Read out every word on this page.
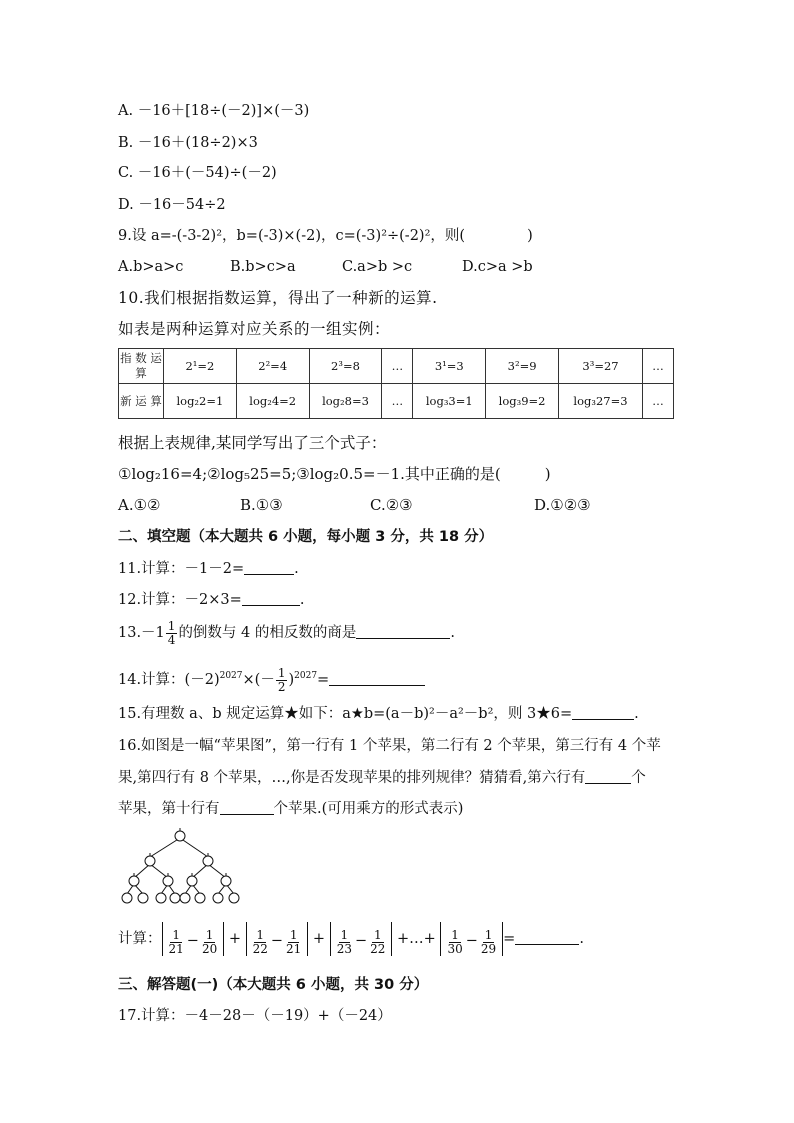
A. －16＋[18÷(－2)]×(－3)
B. －16＋(18÷2)×3
C. －16＋(－54)÷(－2)
D. －16－54÷2
9.设 a=-(-3-2)²，b=(-3)×(-2)，c=(-3)²÷(-2)²，则(	)
A.b>a>c	B.b>c>a	C.a>b >c	D.c>a >b
10.我们根据指数运算，得出了一种新的运算.
如表是两种运算对应关系的一组实例：
指 数 运 算	2¹=2	2²=4	2³=8	…	3¹=3	3²=9	3³=27	…
新 运 算	log₂2=1	log₂4=2	log₂8=3	…	log₃3=1	log₃9=2	log₃27=3	…
根据上表规律,某同学写出了三个式子：
①log₂16=4;②log₅25=5;③log₂0.5=－1.其中正确的是(	)
A.①②	B.①③	C.②③	D.①②③
二、填空题（本大题共 6 小题，每小题 3 分，共 18 分）
11.计算：－1－2=	.
12.计算：－2×3=	.
$13.-1 \frac{1}{4}$ 的倒数与 4 的相反数的商是	.
14.计算：$(-2)^{2027}\times(- \frac{1}{2} )^{2027}=$
15.有理数 a、b 规定运算★如下：a★b=(a－b)²－a²－b²，则 3★6=	.
16.如图是一幅“苹果图”，第一行有 1 个苹果，第二行有 2 个苹果，第三行有 4 个苹
果,第四行有 8 个苹果，…,你是否发现苹果的排列规律？猜猜看,第六行有	个
苹果，第十行有	个苹果.(可用乘方的形式表示)
计算： $\frac{1}{21} - \frac{1}{20} + \frac{1}{22} - \frac{1}{21} + \frac{1}{23} - \frac{1}{22}$ +…+ $\frac{1}{30} - \frac{1}{29}$ =	.
三、解答题(一)（本大题共 6 小题，共 30 分）
17.计算：－4－28－（－19）+（－24）
